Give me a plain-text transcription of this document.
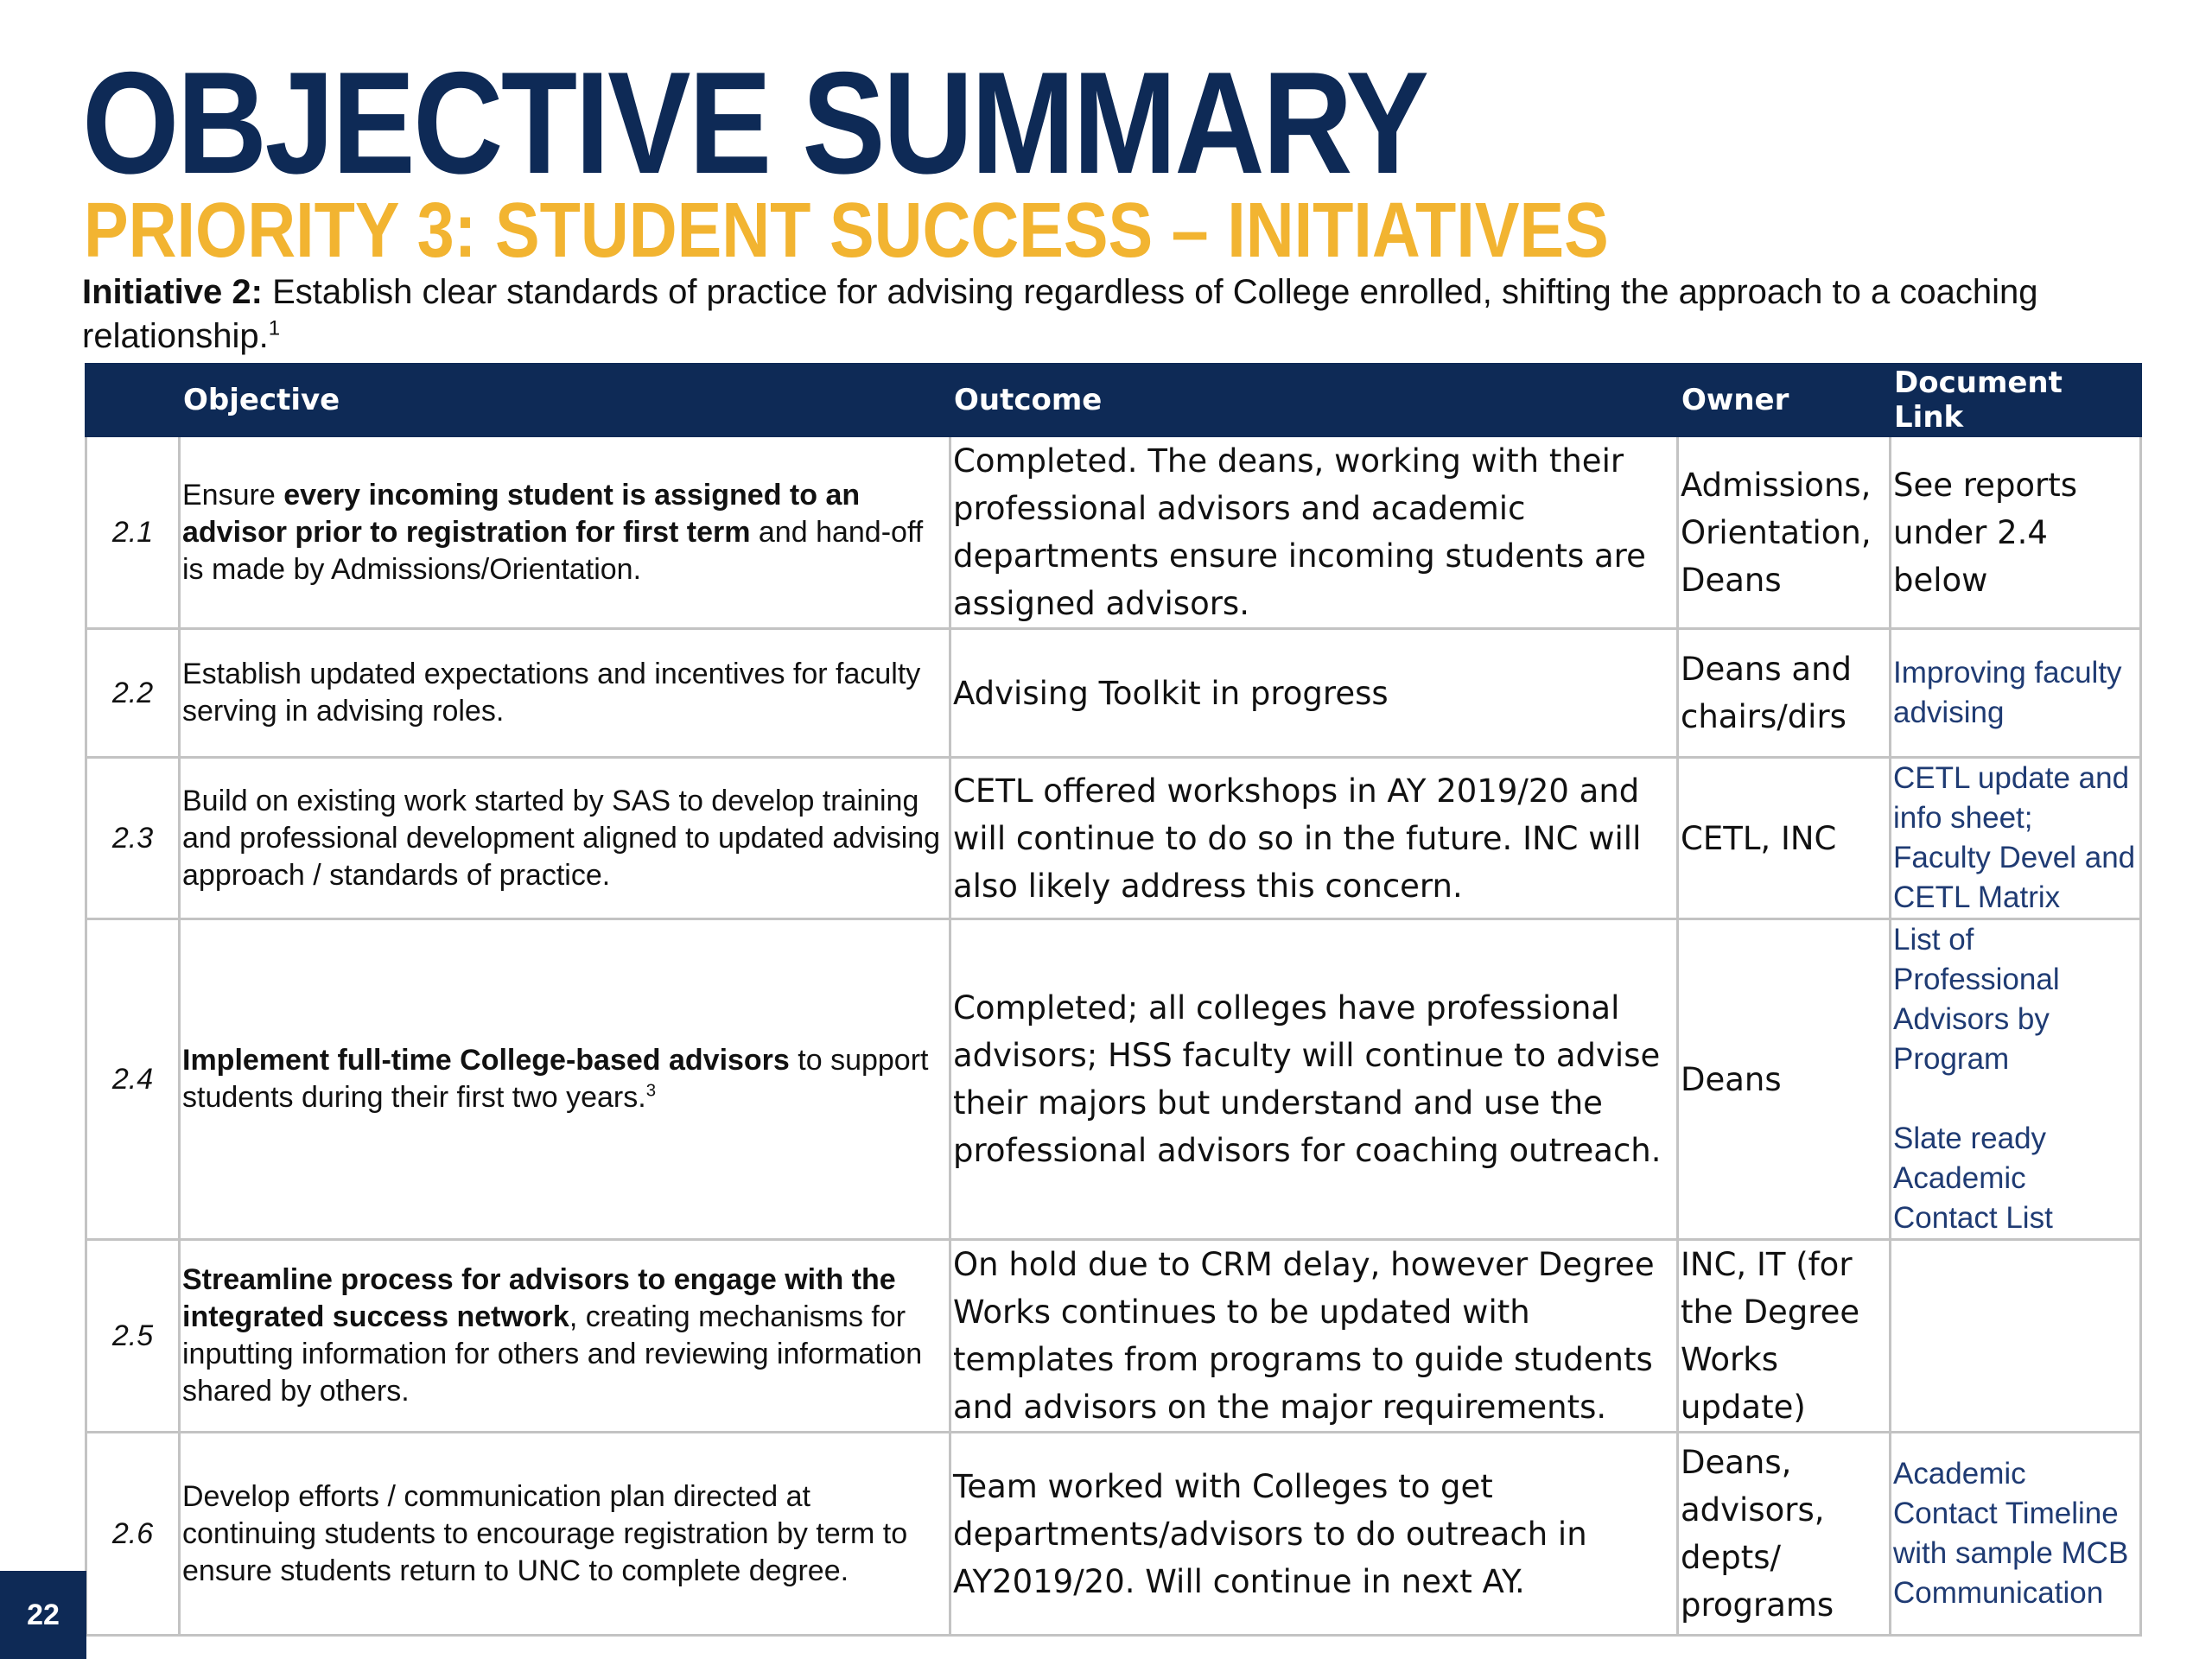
OBJECTIVE SUMMARY
PRIORITY 3: STUDENT SUCCESS – INITIATIVES
Initiative 2: Establish clear standards of practice for advising regardless of College enrolled, shifting the approach to a coaching relationship.$^1$
	Objective	Outcome	Owner	Document Link
2.1	Ensure every incoming student is assigned to an advisor prior to registration for first term and hand-off is made by Admissions/Orientation.	Completed. The deans, working with their professional advisors and academic departments ensure incoming students are assigned advisors.	Admissions, Orientation, Deans	See reports under 2.4 below
2.2	Establish updated expectations and incentives for faculty serving in advising roles.	Advising Toolkit in progress	Deans and chairs/dirs	Improving faculty advising

2.3	Build on existing work started by SAS to develop training and professional development aligned to updated advising approach / standards of practice.	CETL offered workshops in AY 2019/20 and will continue to do so in the future. INC will also likely address this concern.	CETL, INC	CETL update and info sheet; Faculty Devel and CETL Matrix

2.4	Implement full-time College-based advisors to support students during their first two years.$^3$	Completed; all colleges have professional advisors; HSS faculty will continue to advise their majors but understand and use the professional advisors for coaching outreach.	Deans	List of Professional Advisors by Program
Slate ready Academic Contact List

2.5	Streamline process for advisors to engage with the integrated success network, creating mechanisms for inputting information for others and reviewing information shared by others.	On hold due to CRM delay, however Degree Works continues to be updated with templates from programs to guide students and advisors on the major requirements.	INC, IT (for the Degree Works update)	
2.6	Develop efforts / communication plan directed at continuing students to encourage registration by term to ensure students return to UNC to complete degree.	Team worked with Colleges to get departments/advisors to do outreach in AY2019/20. Will continue in next AY.	Deans, advisors, depts/ programs	Academic Contact Timeline with sample MCB Communication
22
